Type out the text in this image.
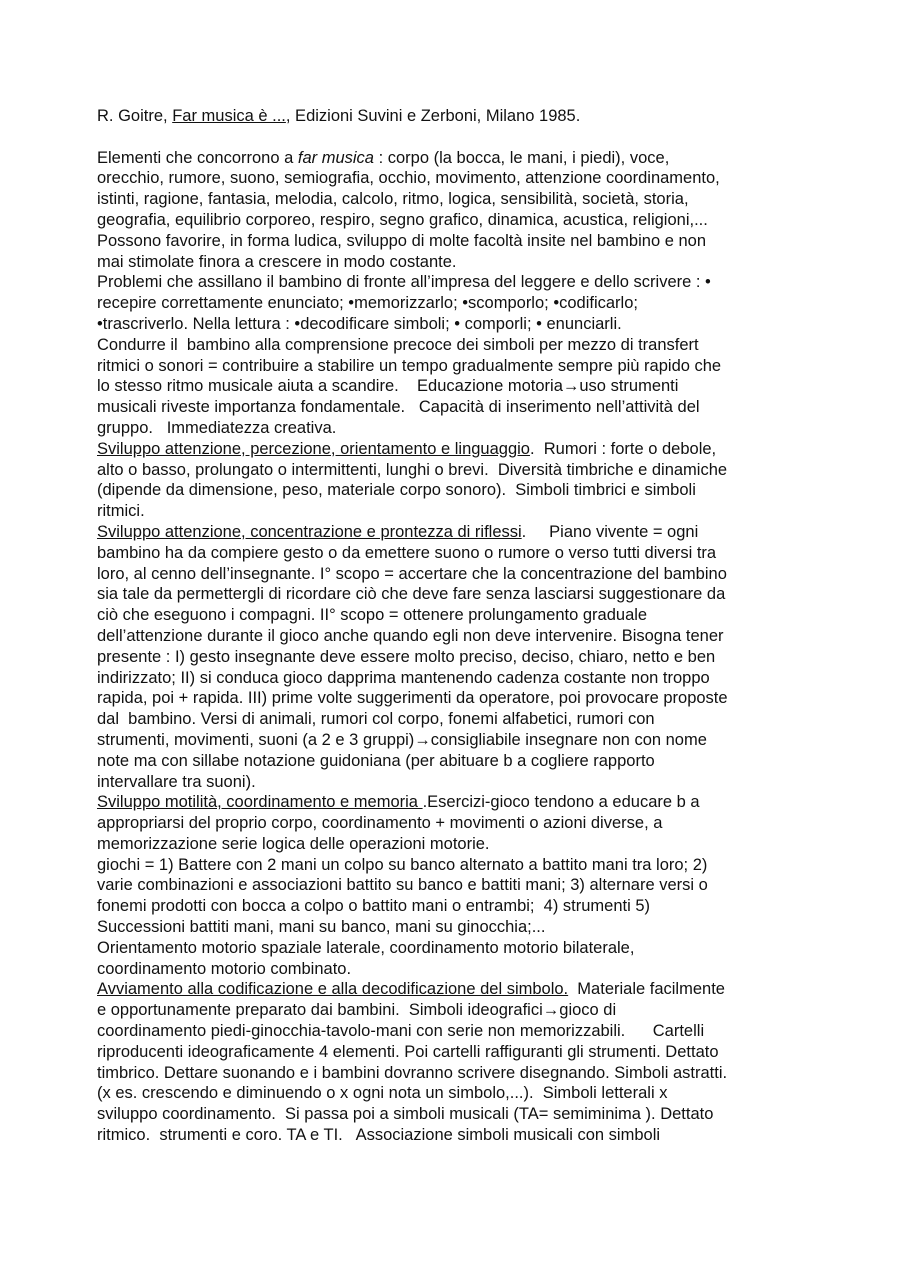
R. Goitre, Far musica è ..., Edizioni Suvini e Zerboni, Milano 1985.
Elementi che concorrono a far musica : corpo (la bocca, le mani, i piedi), voce,
orecchio, rumore, suono, semiografia, occhio, movimento, attenzione coordinamento,
istinti, ragione, fantasia, melodia, calcolo, ritmo, logica, sensibilità, società, storia,
geografia, equilibrio corporeo, respiro, segno grafico, dinamica, acustica, religioni,...
Possono favorire, in forma ludica, sviluppo di molte facoltà insite nel bambino e non
mai stimolate finora a crescere in modo costante.
Problemi che assillano il bambino di fronte all’impresa del leggere e dello scrivere : •
recepire correttamente enunciato; •memorizzarlo; •scomporlo; •codificarlo;
•trascriverlo. Nella lettura : •decodificare simboli; • comporli; • enunciarli.
Condurre il  bambino alla comprensione precoce dei simboli per mezzo di transfert
ritmici o sonori = contribuire a stabilire un tempo gradualmente sempre più rapido che
lo stesso ritmo musicale aiuta a scandire.    Educazione motoria→uso strumenti
musicali riveste importanza fondamentale.   Capacità di inserimento nell’attività del
gruppo.   Immediatezza creativa.
Sviluppo attenzione, percezione, orientamento e linguaggio.  Rumori : forte o debole,
alto o basso, prolungato o intermittenti, lunghi o brevi.  Diversità timbriche e dinamiche
(dipende da dimensione, peso, materiale corpo sonoro).  Simboli timbrici e simboli
ritmici.
Sviluppo attenzione, concentrazione e prontezza di riflessi.     Piano vivente = ogni
bambino ha da compiere gesto o da emettere suono o rumore o verso tutti diversi tra
loro, al cenno dell’insegnante. I° scopo = accertare che la concentrazione del bambino
sia tale da permettergli di ricordare ciò che deve fare senza lasciarsi suggestionare da
ciò che eseguono i compagni. II° scopo = ottenere prolungamento graduale
dell’attenzione durante il gioco anche quando egli non deve intervenire. Bisogna tener
presente : I) gesto insegnante deve essere molto preciso, deciso, chiaro, netto e ben
indirizzato; II) si conduca gioco dapprima mantenendo cadenza costante non troppo
rapida, poi + rapida. III) prime volte suggerimenti da operatore, poi provocare proposte
dal  bambino. Versi di animali, rumori col corpo, fonemi alfabetici, rumori con
strumenti, movimenti, suoni (a 2 e 3 gruppi)→consigliabile insegnare non con nome
note ma con sillabe notazione guidoniana (per abituare b a cogliere rapporto
intervallare tra suoni).
Sviluppo motilità, coordinamento e memoria .Esercizi-gioco tendono a educare b a
appropriarsi del proprio corpo, coordinamento + movimenti o azioni diverse, a
memorizzazione serie logica delle operazioni motorie.
giochi = 1) Battere con 2 mani un colpo su banco alternato a battito mani tra loro; 2)
varie combinazioni e associazioni battito su banco e battiti mani; 3) alternare versi o
fonemi prodotti con bocca a colpo o battito mani o entrambi;  4) strumenti 5)
Successioni battiti mani, mani su banco, mani su ginocchia;...
Orientamento motorio spaziale laterale, coordinamento motorio bilaterale,
coordinamento motorio combinato.
Avviamento alla codificazione e alla decodificazione del simbolo.  Materiale facilmente
e opportunamente preparato dai bambini.  Simboli ideografici→gioco di
coordinamento piedi-ginocchia-tavolo-mani con serie non memorizzabili.      Cartelli
riproducenti ideograficamente 4 elementi. Poi cartelli raffiguranti gli strumenti. Dettato
timbrico. Dettare suonando e i bambini dovranno scrivere disegnando. Simboli astratti.
(x es. crescendo e diminuendo o x ogni nota un simbolo,...).  Simboli letterali x
sviluppo coordinamento.  Si passa poi a simboli musicali (TA= semiminima ). Dettato
ritmico.  strumenti e coro. TA e TI.   Associazione simboli musicali con simboli
